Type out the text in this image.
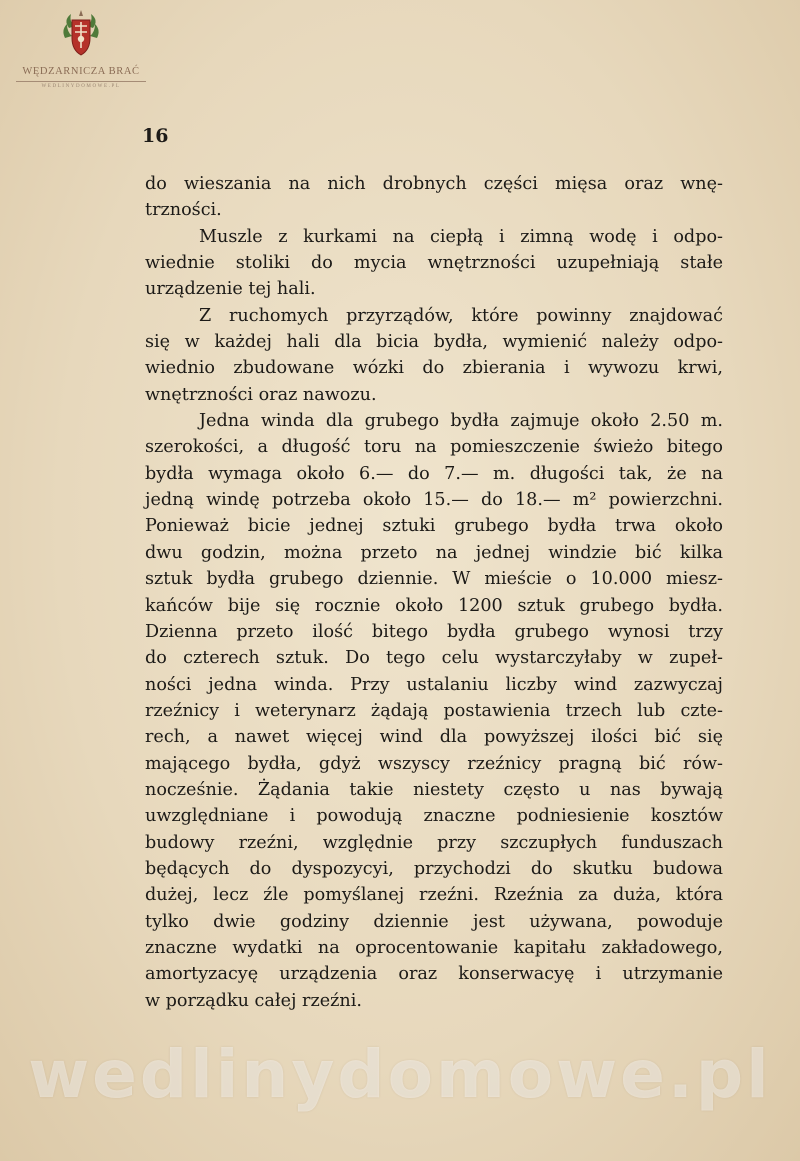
WĘDZARNICZA BRAĆ
WEDLINYDOMOWE.PL
16
do wieszania na nich drobnych części mięsa oraz wnę-
trzności.
Muszle z kurkami na ciepłą i zimną wodę i odpo-
wiednie stoliki do mycia wnętrzności uzupełniają stałe
urządzenie tej hali.
Z ruchomych przyrządów, które powinny znajdować
się w każdej hali dla bicia bydła, wymienić należy odpo-
wiednio zbudowane wózki do zbierania i wywozu krwi,
wnętrzności oraz nawozu.
Jedna winda dla grubego bydła zajmuje około 2.50 m.
szerokości, a długość toru na pomieszczenie świeżo bitego
bydła wymaga około 6.— do 7.— m. długości tak, że na
jedną windę potrzeba około 15.— do 18.— m² powierzchni.
Ponieważ bicie jednej sztuki grubego bydła trwa około
dwu godzin, można przeto na jednej windzie bić kilka
sztuk bydła grubego dziennie. W mieście o 10.000 miesz-
kańców bije się rocznie około 1200 sztuk grubego bydła.
Dzienna przeto ilość bitego bydła grubego wynosi trzy
do czterech sztuk. Do tego celu wystarczyłaby w zupeł-
ności jedna winda. Przy ustalaniu liczby wind zazwyczaj
rzeźnicy i weterynarz żądają postawienia trzech lub czte-
rech, a nawet więcej wind dla powyższej ilości bić się
mającego bydła, gdyż wszyscy rzeźnicy pragną bić rów-
nocześnie. Żądania takie niestety często u nas bywają
uwzględniane i powodują znaczne podniesienie kosztów
budowy rzeźni, względnie przy szczupłych funduszach
będących do dyspozycyi, przychodzi do skutku budowa
dużej, lecz źle pomyślanej rzeźni. Rzeźnia za duża, która
tylko dwie godziny dziennie jest używana, powoduje
znaczne wydatki na oprocentowanie kapitału zakładowego,
amortyzacyę urządzenia oraz konserwacyę i utrzymanie
w porządku całej rzeźni.
wedlinydomowe.pl
